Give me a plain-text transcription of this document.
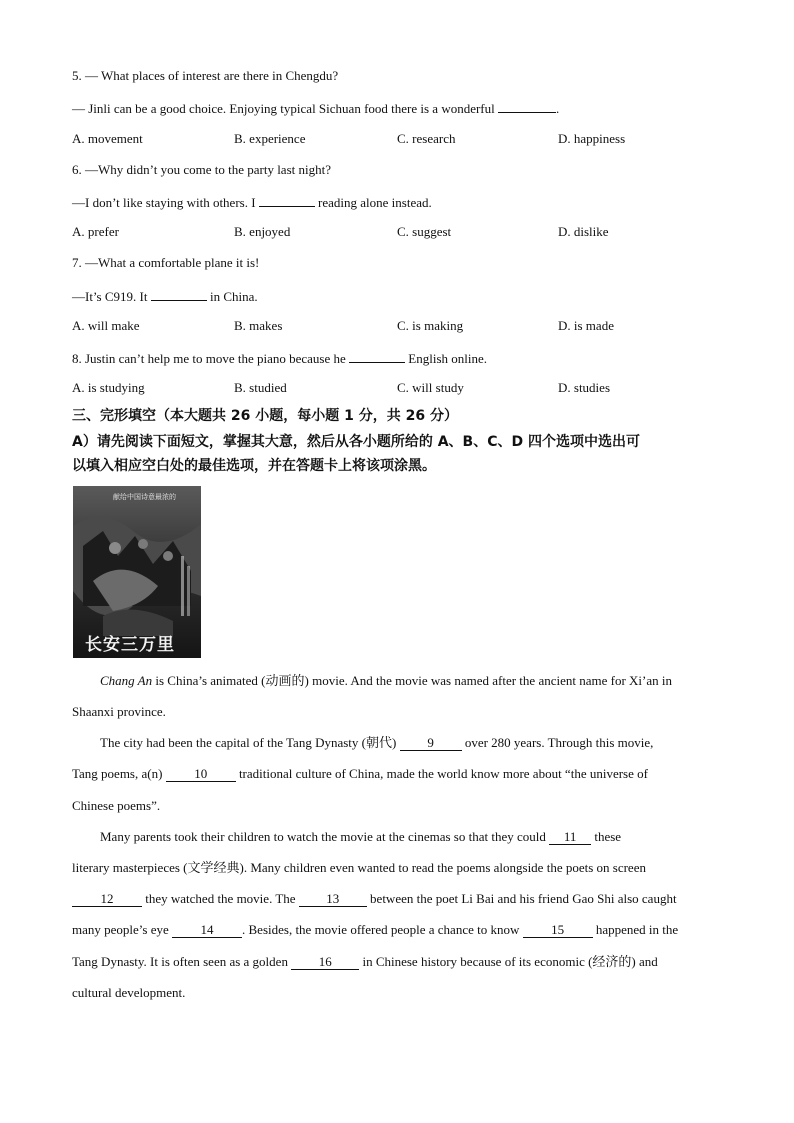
5. — What places of interest are there in Chengdu?
— Jinli can be a good choice. Enjoying typical Sichuan food there is a wonderful	.
A. movement	B. experience	C. research	D. happiness
6. —Why didn’t you come to the party last night?
—I don’t like staying with others. I	reading alone instead.
A. prefer	B. enjoyed	C. suggest	D. dislike
7. —What a comfortable plane it is!
—It’s C919. It	in China.
A. will make	B. makes	C. is making	D. is made
8. Justin can’t help me to move the piano because he	English online.
A. is studying	B. studied	C. will study	D. studies
三、完形填空（本大题共 26 小题，每小题 1 分，共 26 分）
A）请先阅读下面短文，掌握其大意，然后从各小题所给的 A、B、C、D 四个选项中选出可
以填入相应空白处的最佳选项，并在答题卡上将该项涂黑。
献给中国诗意最浓的
长安三万里
Chang An is China’s animated (动画的) movie. And the movie was named after the ancient name for Xi’an in
Shaanxi province.
The city had been the capital of the Tang Dynasty (朝代) 9 over 280 years. Through this movie,
Tang poems, a(n) 10 traditional culture of China, made the world know more about “the universe of
Chinese poems”.
Many parents took their children to watch the movie at the cinemas so that they could 11 these
literary masterpieces (文学经典). Many children even wanted to read the poems alongside the poets on screen
12 they watched the movie. The 13 between the poet Li Bai and his friend Gao Shi also caught
many people’s eye 14 . Besides, the movie offered people a chance to know 15 happened in the
Tang Dynasty. It is often seen as a golden 16 in Chinese history because of its economic (经济的) and
cultural development.
